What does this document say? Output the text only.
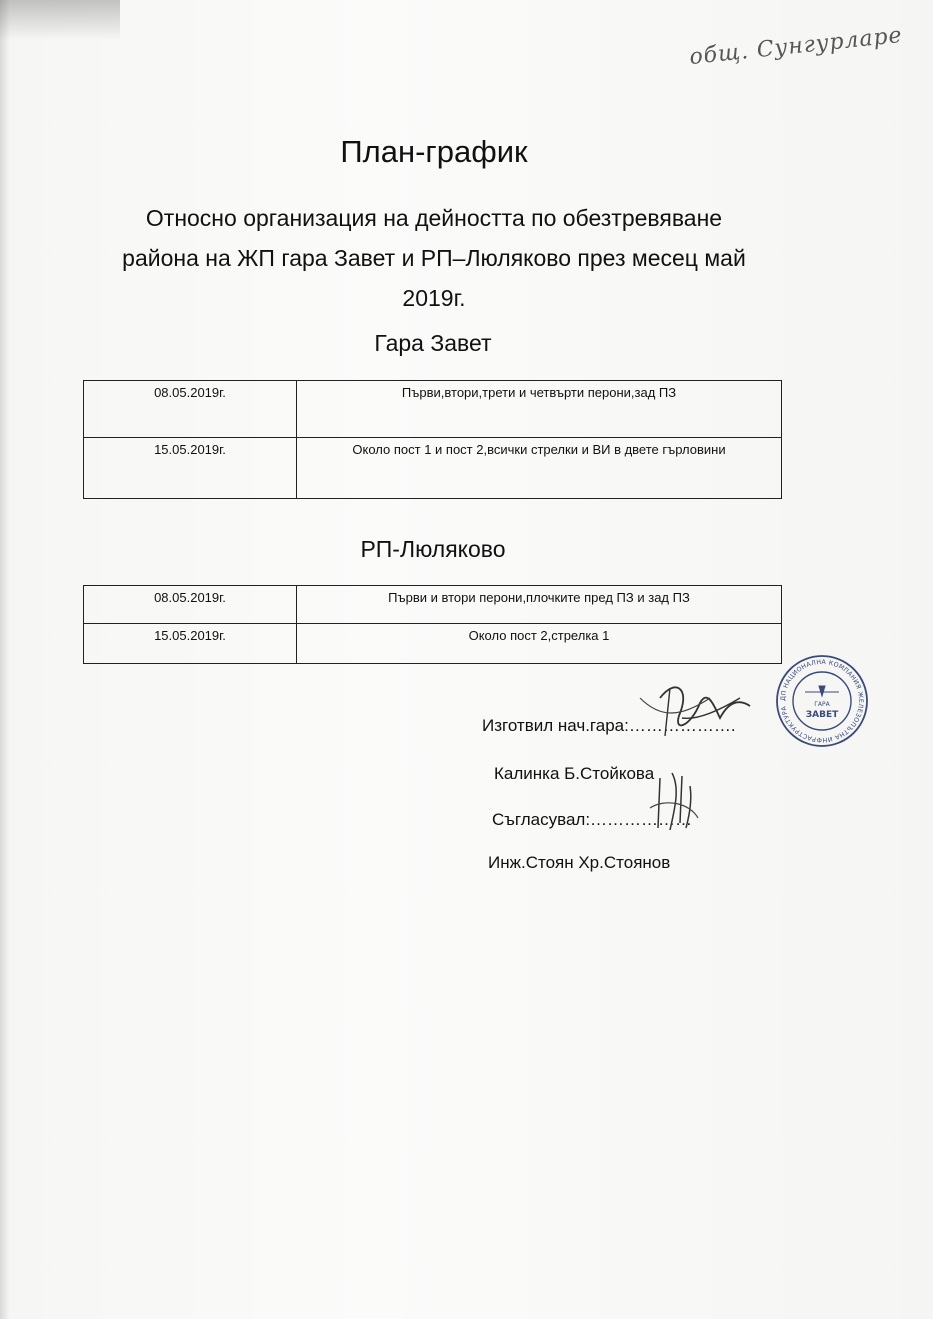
общ. Сунгурларе
План-график
Относно организация на дейността по обезтревяване
района на ЖП гара Завет и РП–Люляково през месец май
2019г.
Гара Завет
08.05.2019г.	Първи,втори,трети и четвърти перони,зад ПЗ
15.05.2019г.	Около пост 1 и пост 2,всички стрелки и ВИ в двете гърловини
РП-Люляково
08.05.2019г.	Първи и втори перони,плочките пред ПЗ и зад ПЗ
15.05.2019г.	Около пост 2,стрелка 1
Изготвил нач.гара:……………….
Калинка Б.Стойкова
Съгласувал:………………
Инж.Стоян Хр.Стоянов
ДП НАЦИОНАЛНА КОМПАНИЯ ЖЕЛЕЗОПЪТНА ИНФРАСТРУКТУРА
ГАРА
ЗАВЕТ
